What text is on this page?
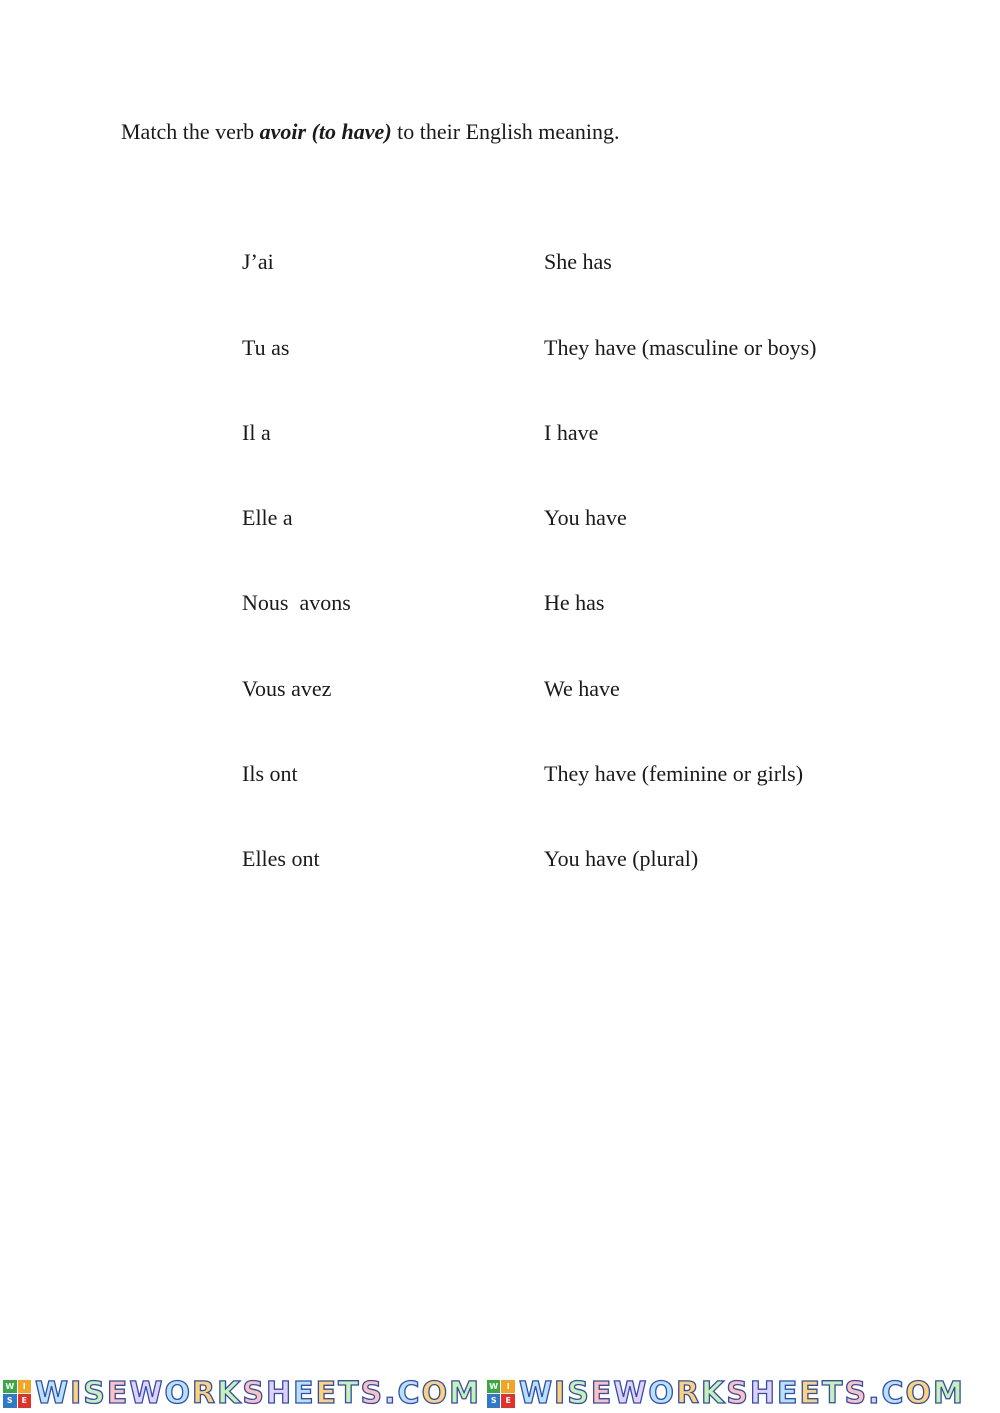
Match the verb avoir (to have) to their English meaning.
J’ai	She has
Tu as	They have (masculine or boys)
Il a	I have
Elle a	You have
Nous  avons	He has
Vous avez	We have
Ils ont	They have (feminine or girls)
Elles ont	You have (plural)
W	I
S	E W I S E W O R K S H E E T S . C O M W	I
S	E W I S E W O R K S H E E T S . C O M
